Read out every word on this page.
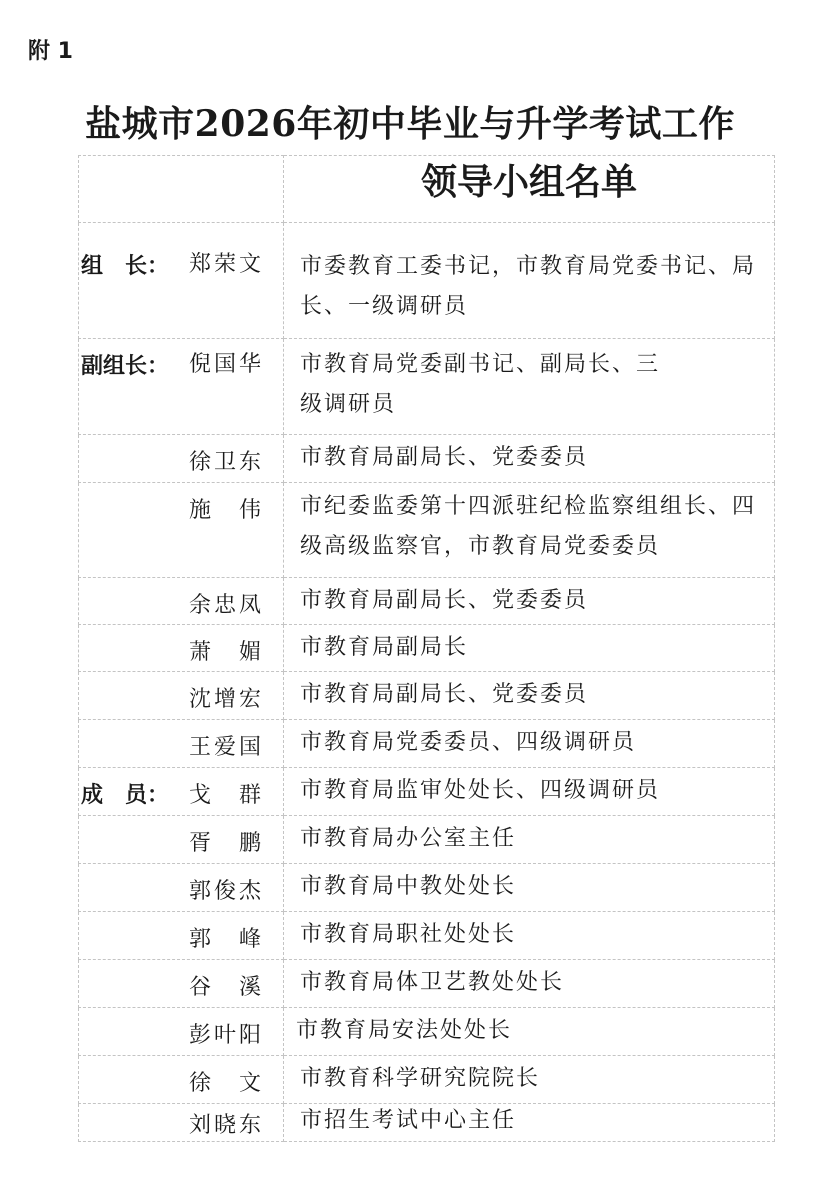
附 1
盐城市2026年初中毕业与升学考试工作

组　长： 郑荣文	市委教育工委书记，市教育局党委书记、局长、一级调研员

副组长： 倪国华	市教育局党委副书记、副局长、三级调研员

徐卫东	市教育局副局长、党委委员

施　伟	市纪委监委第十四派驻纪检监察组组长、四级高级监察官，市教育局党委委员

余忠凤	市教育局副局长、党委委员

萧　媚	市教育局副局长

沈增宏	市教育局副局长、党委委员

王爱国	市教育局党委委员、四级调研员

成　员： 戈　群	市教育局监审处处长、四级调研员

胥　鹏	市教育局办公室主任

郭俊杰	市教育局中教处处长

郭　峰	市教育局职社处处长

谷　溪	市教育局体卫艺教处处长

彭叶阳	市教育局安法处处长

徐　文	市教育科学研究院院长

刘晓东	市招生考试中心主任
领导小组名单
